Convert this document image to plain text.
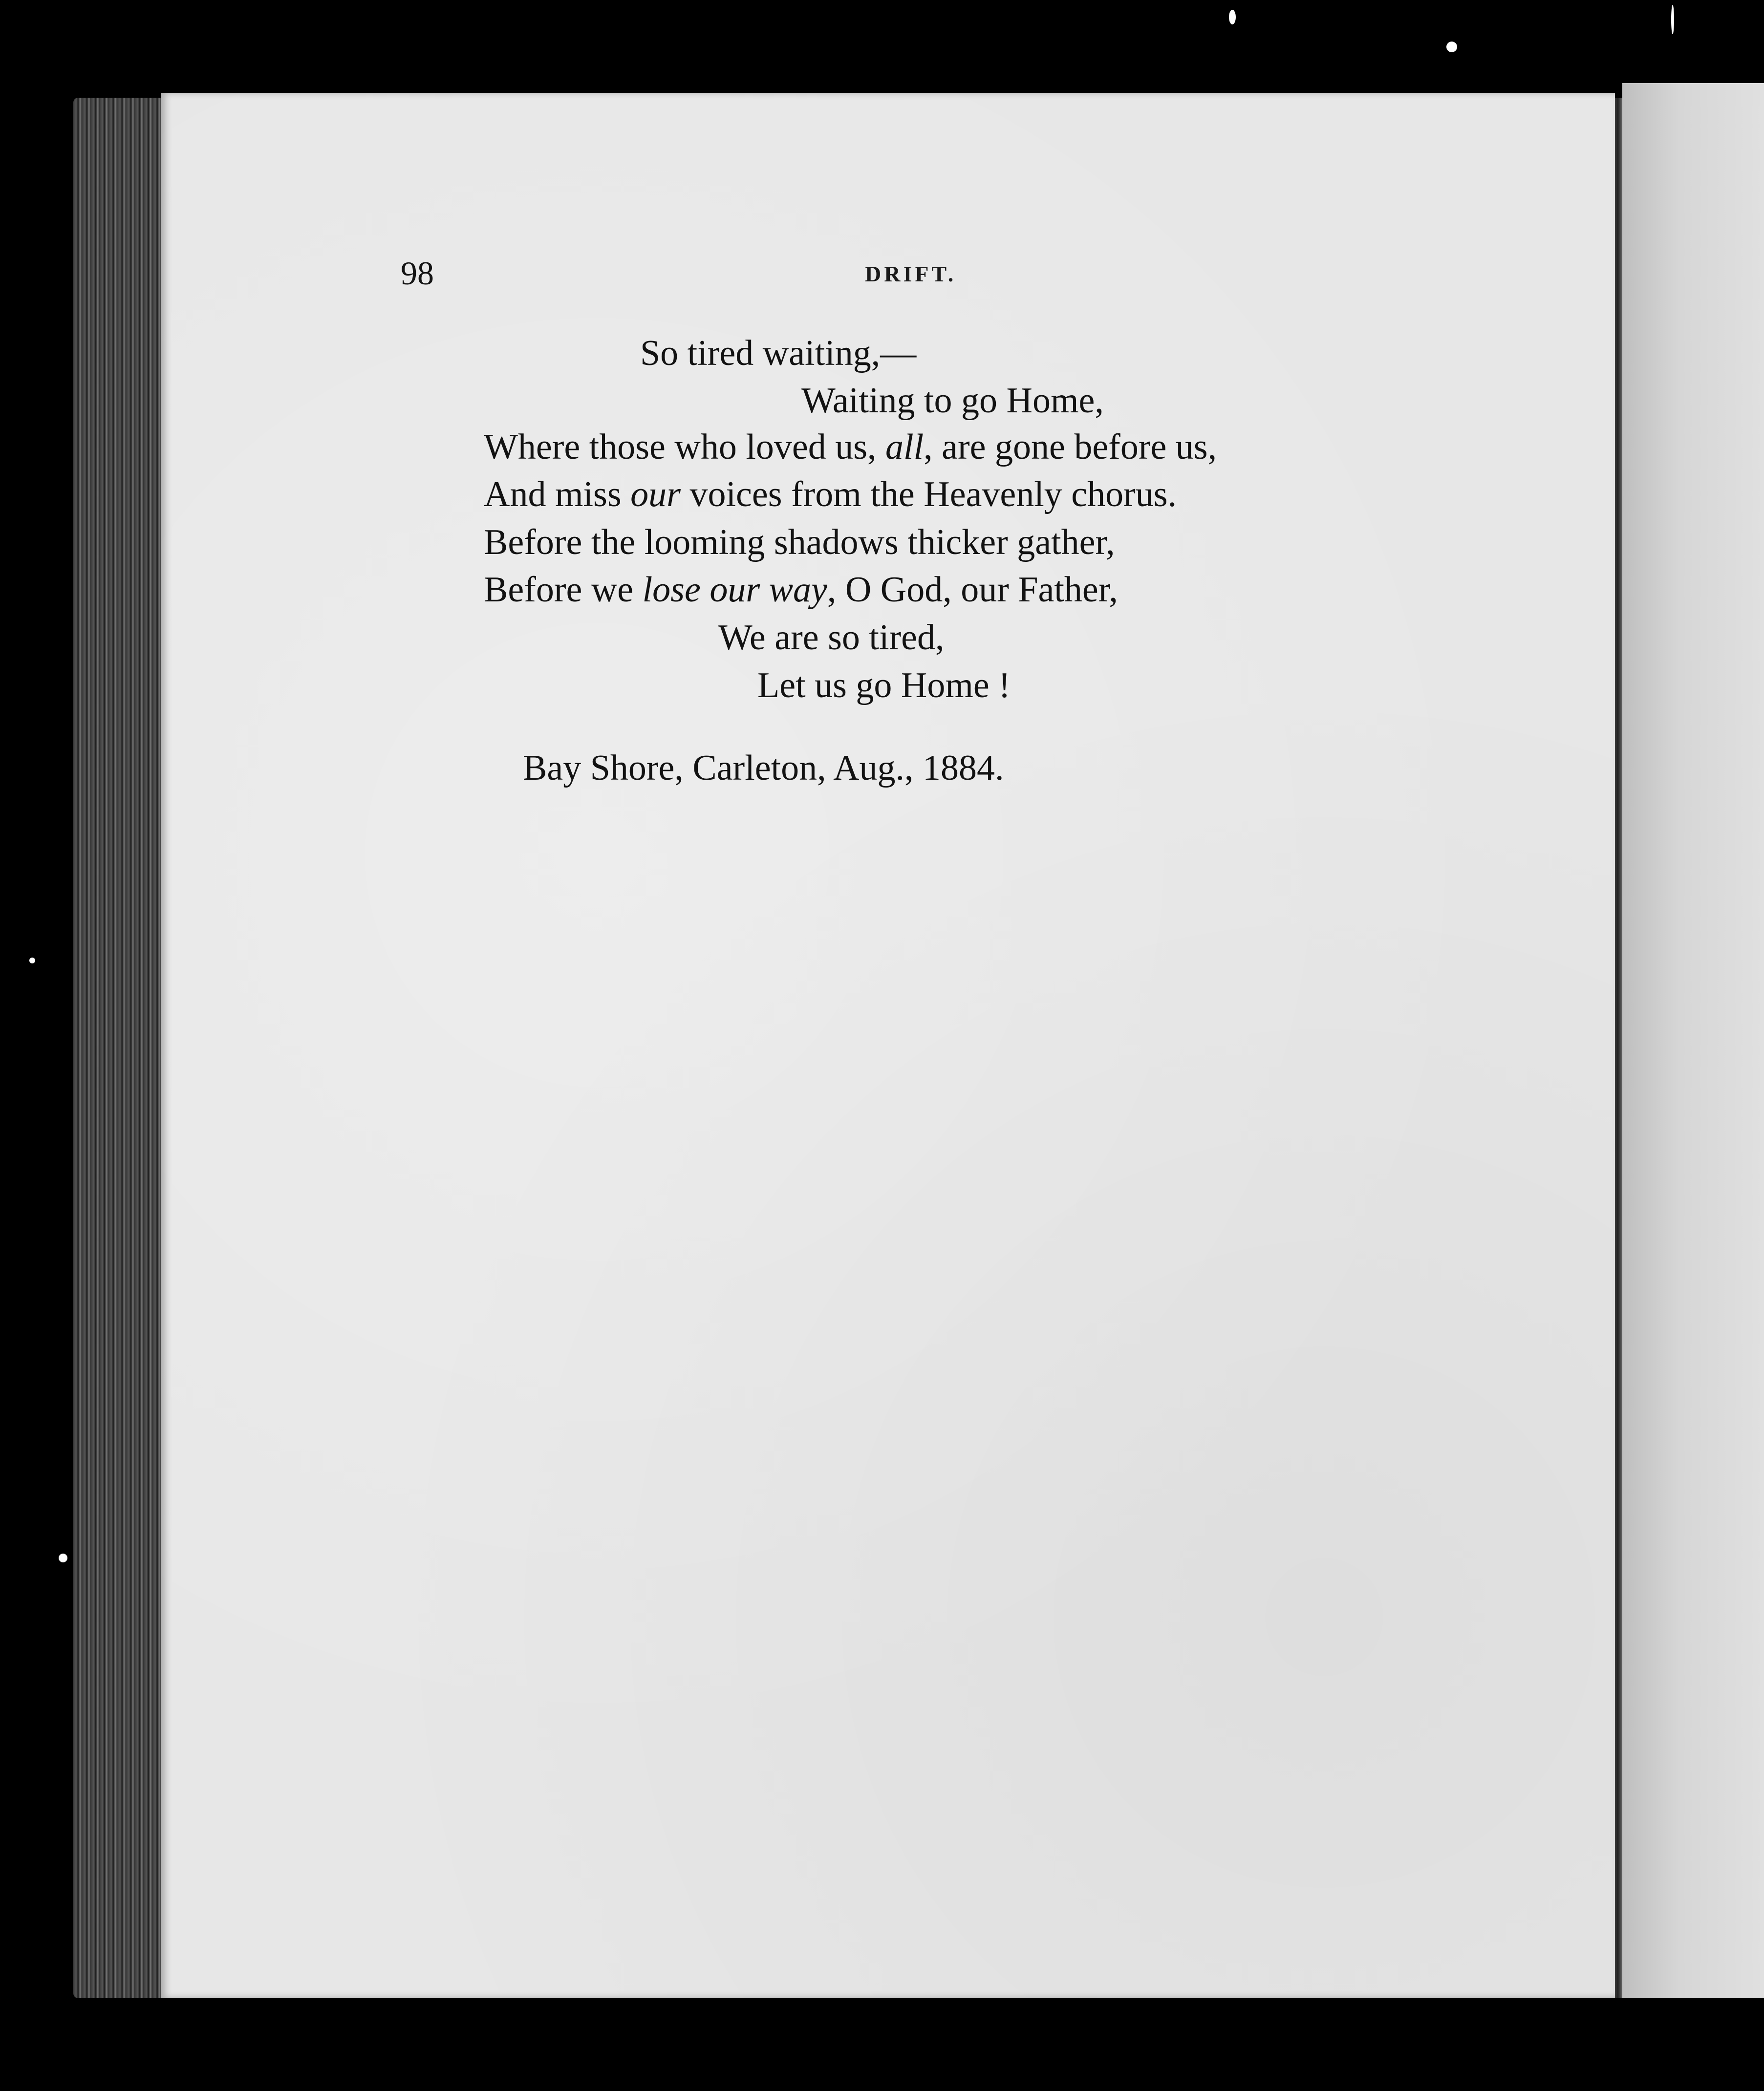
98	DRIFT.
So tired waiting,—
Waiting to go Home,
Where those who loved us, all, are gone before us,
And miss our voices from the Heavenly chorus.
Before the looming shadows thicker gather,
Before we lose our way, O God, our Father,
We are so tired,
Let us go Home !
Bay Shore, Carleton, Aug., 1884.
